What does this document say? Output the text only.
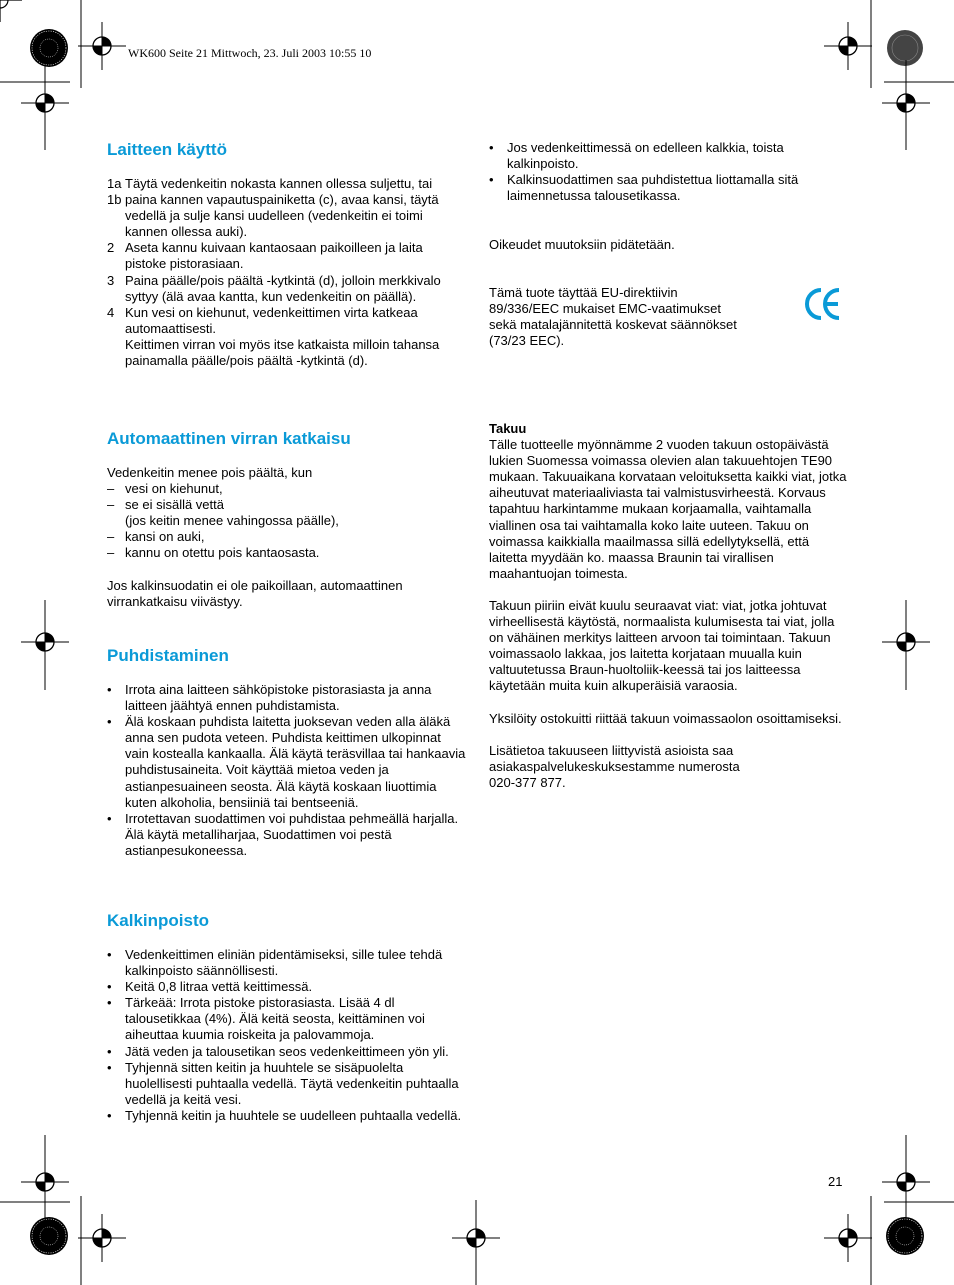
WK600 Seite 21 Mittwoch, 23. Juli 2003 10:55 10
Laitteen käyttö
1a
1b
Täytä vedenkeitin nokasta kannen ollessa suljettu, tai paina kannen vapautuspainiketta (c), avaa kansi, täytä vedellä ja sulje kansi uudelleen (vedenkeitin ei toimi kannen ollessa auki).
2 Aseta kannu kuivaan kantaosaan paikoilleen ja laita pistoke pistorasiaan.
3 Paina päälle/pois päältä -kytkintä (d), jolloin merkkivalo syttyy (älä avaa kantta, kun vedenkeitin on päällä).
4 Kun vesi on kiehunut, vedenkeittimen virta katkeaa automaattisesti.
Keittimen virran voi myös itse katkaista milloin tahansa painamalla päälle/pois päältä -kytkintä (d).
Automaattinen virran katkaisu

Vedenkeitin menee pois päältä, kun

– vesi on kiehunut,
– se ei sisällä vettä
(jos keitin menee vahingossa päälle),
– kansi on auki,
– kannu on otettu pois kantaosasta.

Jos kalkinsuodatin ei ole paikoillaan, automaattinen virrankatkaisu viivästyy.

Puhdistaminen
• Irrota aina laitteen sähköpistoke pistorasiasta ja anna laitteen jäähtyä ennen puhdistamista.
• Älä koskaan puhdista laitetta juoksevan veden alla äläkä anna sen pudota veteen. Puhdista keittimen ulkopinnat vain kostealla kankaalla. Älä käytä teräsvillaa tai hankaavia puhdistusaineita. Voit käyttää mietoa veden ja astianpesuaineen seosta. Älä käytä koskaan liuottimia kuten alkoholia, bensiiniä tai bentseeniä.
• Irrotettavan suodattimen voi puhdistaa pehmeällä harjalla. Älä käytä metalliharjaa, Suodattimen voi pestä astianpesukoneessa.
Kalkinpoisto
• Vedenkeittimen eliniän pidentämiseksi, sille tulee tehdä kalkinpoisto säännöllisesti.
• Keitä 0,8 litraa vettä keittimessä.
• Tärkeää: Irrota pistoke pistorasiasta. Lisää 4 dl talousetikkaa (4%). Älä keitä seosta, keittäminen voi aiheuttaa kuumia roiskeita ja palovammoja.
• Jätä veden ja talousetikan seos vedenkeittimeen yön yli.
• Tyhjennä sitten keitin ja huuhtele se sisäpuolelta huolellisesti puhtaalla vedellä. Täytä vedenkeitin puhtaalla vedellä ja keitä vesi.
• Tyhjennä keitin ja huuhtele se uudelleen puhtaalla vedellä.
• Jos vedenkeittimessä on edelleen kalkkia, toista kalkinpoisto.
• Kalkinsuodattimen saa puhdistettua liottamalla sitä laimennetussa talousetikassa.

Oikeudet muutoksiin pidätetään.

Tämä tuote täyttää EU-direktiivin
89/336/EEC mukaiset EMC-vaatimukset
sekä matalajännitettä koskevat säännökset
(73/23 EEC).

Takuu

Tälle tuotteelle myönnämme 2 vuoden takuun ostopäivästä lukien Suomessa voimassa olevien alan takuuehtojen TE90 mukaan. Takuuaikana korvataan veloituksetta kaikki viat, jotka aiheutuvat materiaaliviasta tai valmistusvirheestä. Korvaus tapahtuu harkintamme mukaan korjaamalla, vaihtamalla viallinen osa tai vaihtamalla koko laite uuteen. Takuu on voimassa kaikkialla maailmassa sillä edellytyksellä, että laitetta myydään ko. maassa Braunin tai virallisen maahantuojan toimesta.

Takuun piiriin eivät kuulu seuraavat viat: viat, jotka johtuvat virheellisestä käytöstä, normaalista kulumisesta tai viat, jolla on vähäinen merkitys laitteen arvoon tai toimintaan. Takuun voimassaolo lakkaa, jos laitetta korjataan muualla kuin valtuutetussa Braun-huoltoliik-keessä tai jos laitteessa käytetään muita kuin alkuperäisiä varaosia.

Yksilöity ostokuitti riittää takuun voimassaolon osoittamiseksi.

Lisätietoa takuuseen liittyvistä asioista saa asiakaspalvelukeskuksestamme numerosta
020-377 877.

21
